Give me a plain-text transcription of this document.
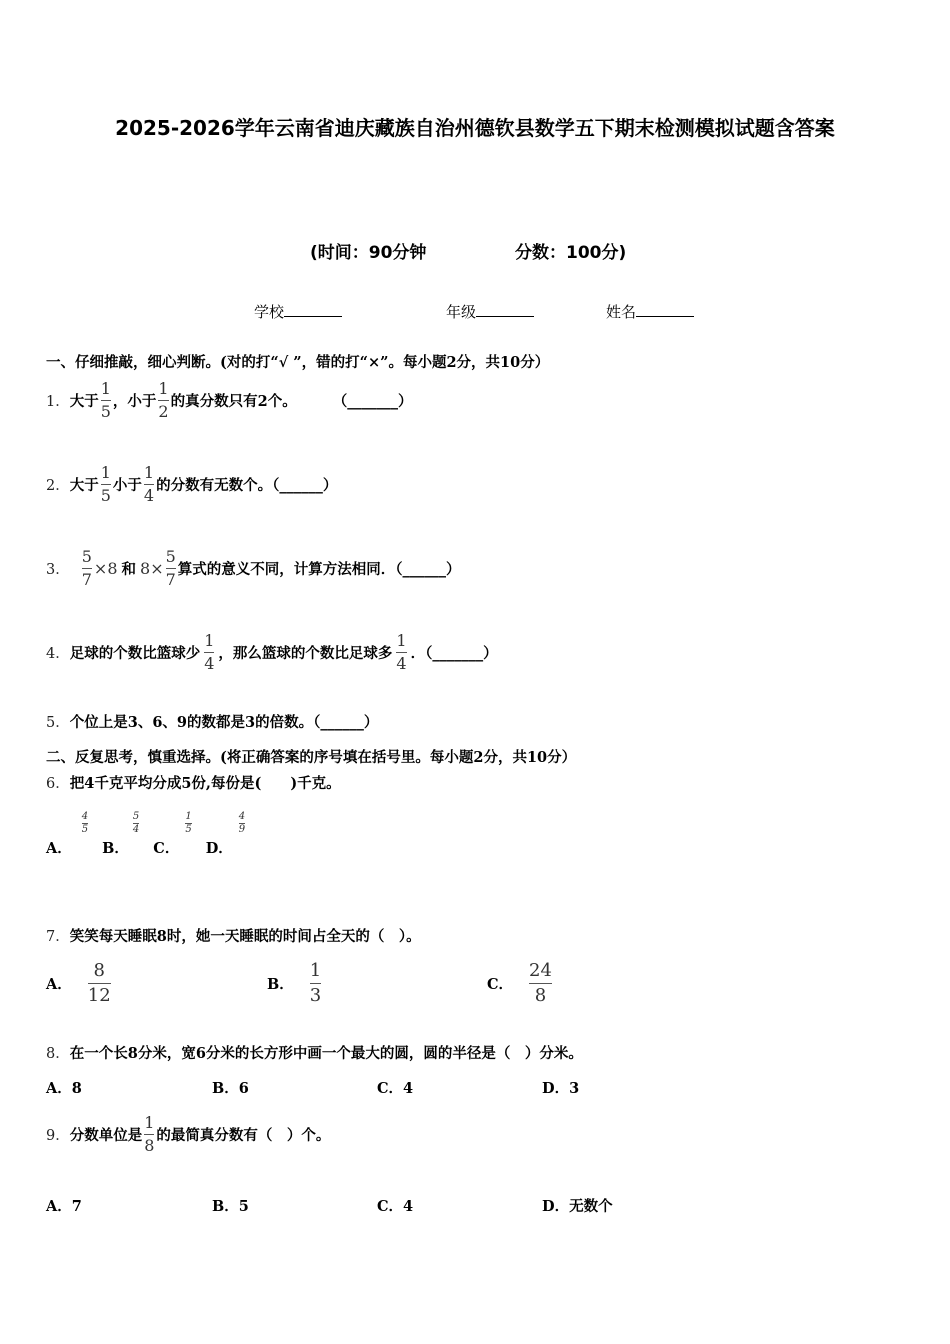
2025-2026学年云南省迪庆藏族自治州德钦县数学五下期末检测模拟试题含答案
(时间：90分钟	分数：100分)
学校	年级	姓名
一、仔细推敲，细心判断。(对的打“√ ”，错的打“×”。每小题2分，共10分）
1． 大于 $\frac{1}{5}$ ，小于 $\frac{1}{2}$ 的真分数只有2个。 （_______）
2． 大于 $\frac{1}{5}$ 小于 $\frac{1}{4}$ 的分数有无数个。（______）
3． $\frac{5}{7} \times 8$ 和 $8\times \frac{5}{7}$ 算式的意义不同，计算方法相同．（______）
4． 足球的个数比篮球少 $\frac{1}{4}$ ，那么篮球的个数比足球多 $\frac{1}{4}$ ．（_______）
5．个位上是3、6、9的数都是3的倍数。（______）
二、反复思考，慎重选择。(将正确答案的序号填在括号里。每小题2分，共10分）
6．把4千克平均分成5份,每份是(　　)千克。
A．
$\frac{4}{5}$
B．
$\frac{5}{4}$
C．
$\frac{1}{5}$
D．
$\frac{4}{9}$
7．笑笑每天睡眠8时，她一天睡眠的时间占全天的（　）。
A． $\frac{8}{12}$	B． $\frac{1}{3}$	C． $\frac{24}{8}$
8．在一个长8分米，宽6分米的长方形中画一个最大的圆，圆的半径是（　）分米。
A．8	B．6	C．4	D．3
9． 分数单位是 $\frac{1}{8}$ 的最简真分数有（　）个。
A．7	B．5	C．4	D．无数个
